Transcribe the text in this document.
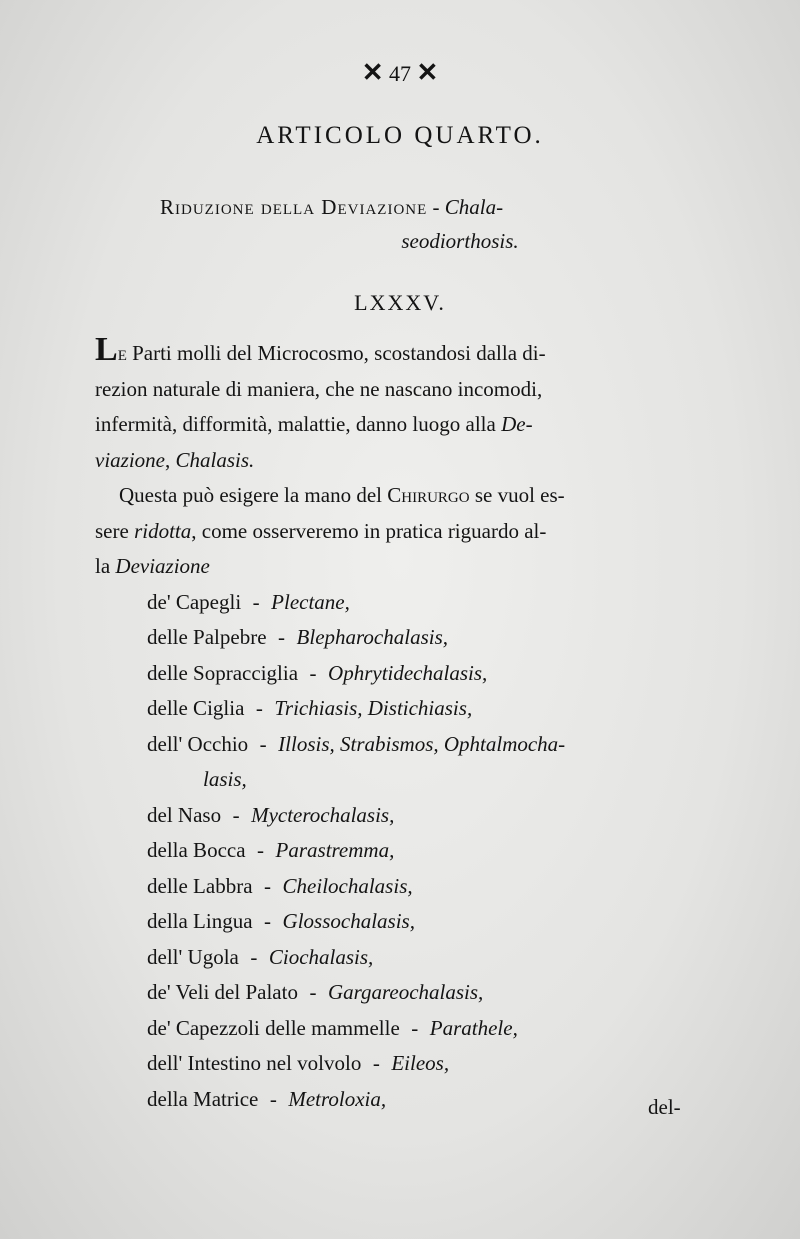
✕ 47 ✕
ARTICOLO QUARTO.
Riduzione della Deviazione - Chala-
seodiorthosis.
LXXXV.

Le Parti molli del Microcosmo, scostandosi dalla di-
rezion naturale di maniera, che ne nascano incomodi,
infermità, difformità, malattie, danno luogo alla De-
viazione, Chalasis.

Questa può esigere la mano del Chirurgo se vuol es-

sere ridotta, come osserveremo in pratica riguardo al-
la Deviazione

de' Capegli - Plectane,
delle Palpebre - Blepharochalasis,
delle Sopracciglia - Ophrytidechalasis,
delle Ciglia - Trichiasis, Distichiasis,
dell' Occhio - Illosis, Strabismos, Ophtalmocha-
lasis,
del Naso - Mycterochalasis,
della Bocca - Parastremma,
delle Labbra - Cheilochalasis,
della Lingua - Glossochalasis,
dell' Ugola - Ciochalasis,
de' Veli del Palato - Gargareochalasis,
de' Capezzoli delle mammelle - Parathele,
dell' Intestino nel volvolo - Eileos,
della Matrice - Metroloxia,	del-
